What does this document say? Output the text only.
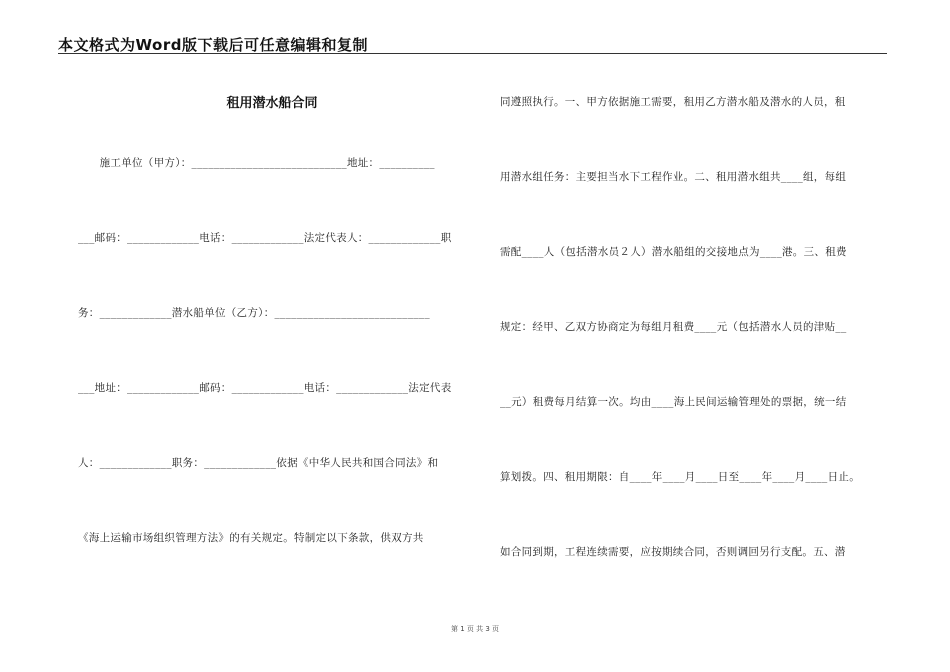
本文格式为Word版下载后可任意编辑和复制
租用潜水船合同
　　施工单位（甲方）：____________________________地址：__________
___邮码：_____________电话：_____________法定代表人：_____________职
务：_____________潜水船单位（乙方）：____________________________
___地址：_____________邮码：_____________电话：_____________法定代表
人：_____________职务：_____________依据《中华人民共和国合同法》和
《海上运输市场组织管理方法》的有关规定。特制定以下条款，供双方共
同遵照执行。一、甲方依据施工需要，租用乙方潜水船及潜水的人员，租
用潜水组任务：主要担当水下工程作业。二、租用潜水组共____组，每组
需配____人（包括潜水员２人）潜水船组的交接地点为____港。三、租费
规定：经甲、乙双方协商定为每组月租费____元（包括潜水人员的津贴__
__元）租费每月结算一次。均由____海上民间运输管理处的票据，统一结
算划拨。四、租用期限：自____年____月____日至____年____月____日止。
如合同到期，工程连续需要，应按期续合同，否则调回另行支配。五、潜
第 1 页 共 3 页
